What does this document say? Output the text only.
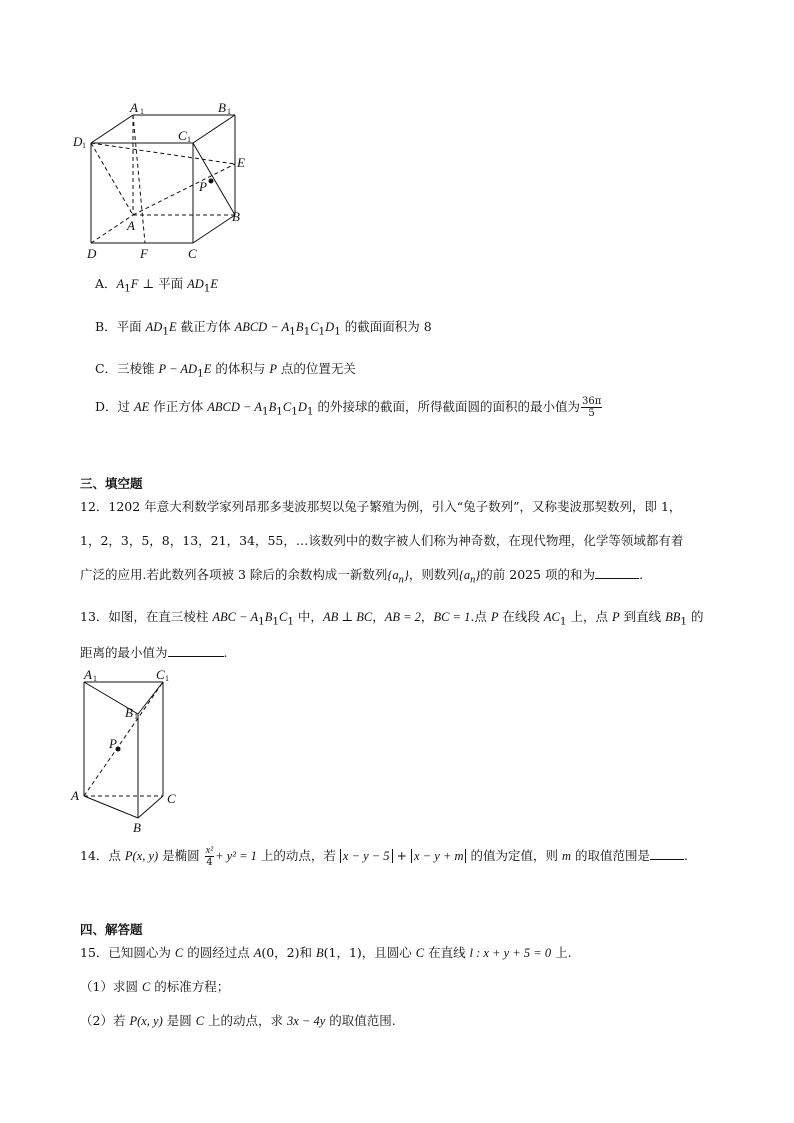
A 1	B 1
C 1
D 1
E
P
A
B
D	F	C
A．$A_1F$ ⊥ 平面 $AD_1E$
B．平面 $AD_1E$ 截正方体 ABCD − $A_1B_1C_1D_1$ 的截面面积为 8
C．三棱锥 $P - AD_1E$ 的体积与 P 点的位置无关
D．过 AE 作正方体 ABCD − $A_1B_1C_1D_1$ 的外接球的截面，所得截面圆的面积的最小值为 $\frac{36\pi}{5}$
三、填空题
12．1202 年意大利数学家列昂那多斐波那契以兔子繁殖为例，引入“兔子数列”，又称斐波那契数列，即 1，
1，2，3，5，8，13，21，34，55，…该数列中的数字被人们称为神奇数，在现代物理，化学等领域都有着
广泛的应用.若此数列各项被 3 除后的余数构成一新数列$\{a_n\}$，则数列$\{a_n\}$的前 2025 项的和为	.
13．如图，在直三棱柱 ABC − $A_1B_1C_1$ 中，AB ⊥ BC，AB = 2，BC = 1.点 P 在线段 $AC_1$ 上，点 P 到直线 $BB_1$ 的
距离的最小值为	.
A 1	C 1
B 1
P
A	C
B
14．点 P(x, y) 是椭圆 $\frac{\text{x²}}{4} + y^2 = 1$ 上的动点，若 x − y − 5 + x − y + m 的值为定值，则 m 的取值范围是	.
四、解答题
15．已知圆心为 C 的圆经过点 A(0，2)和 B(1，1)，且圆心 C 在直线 l : x + y + 5 = 0 上.
（1）求圆 C 的标准方程；
（2）若 P(x, y) 是圆 C 上的动点，求 3x − 4y 的取值范围.
